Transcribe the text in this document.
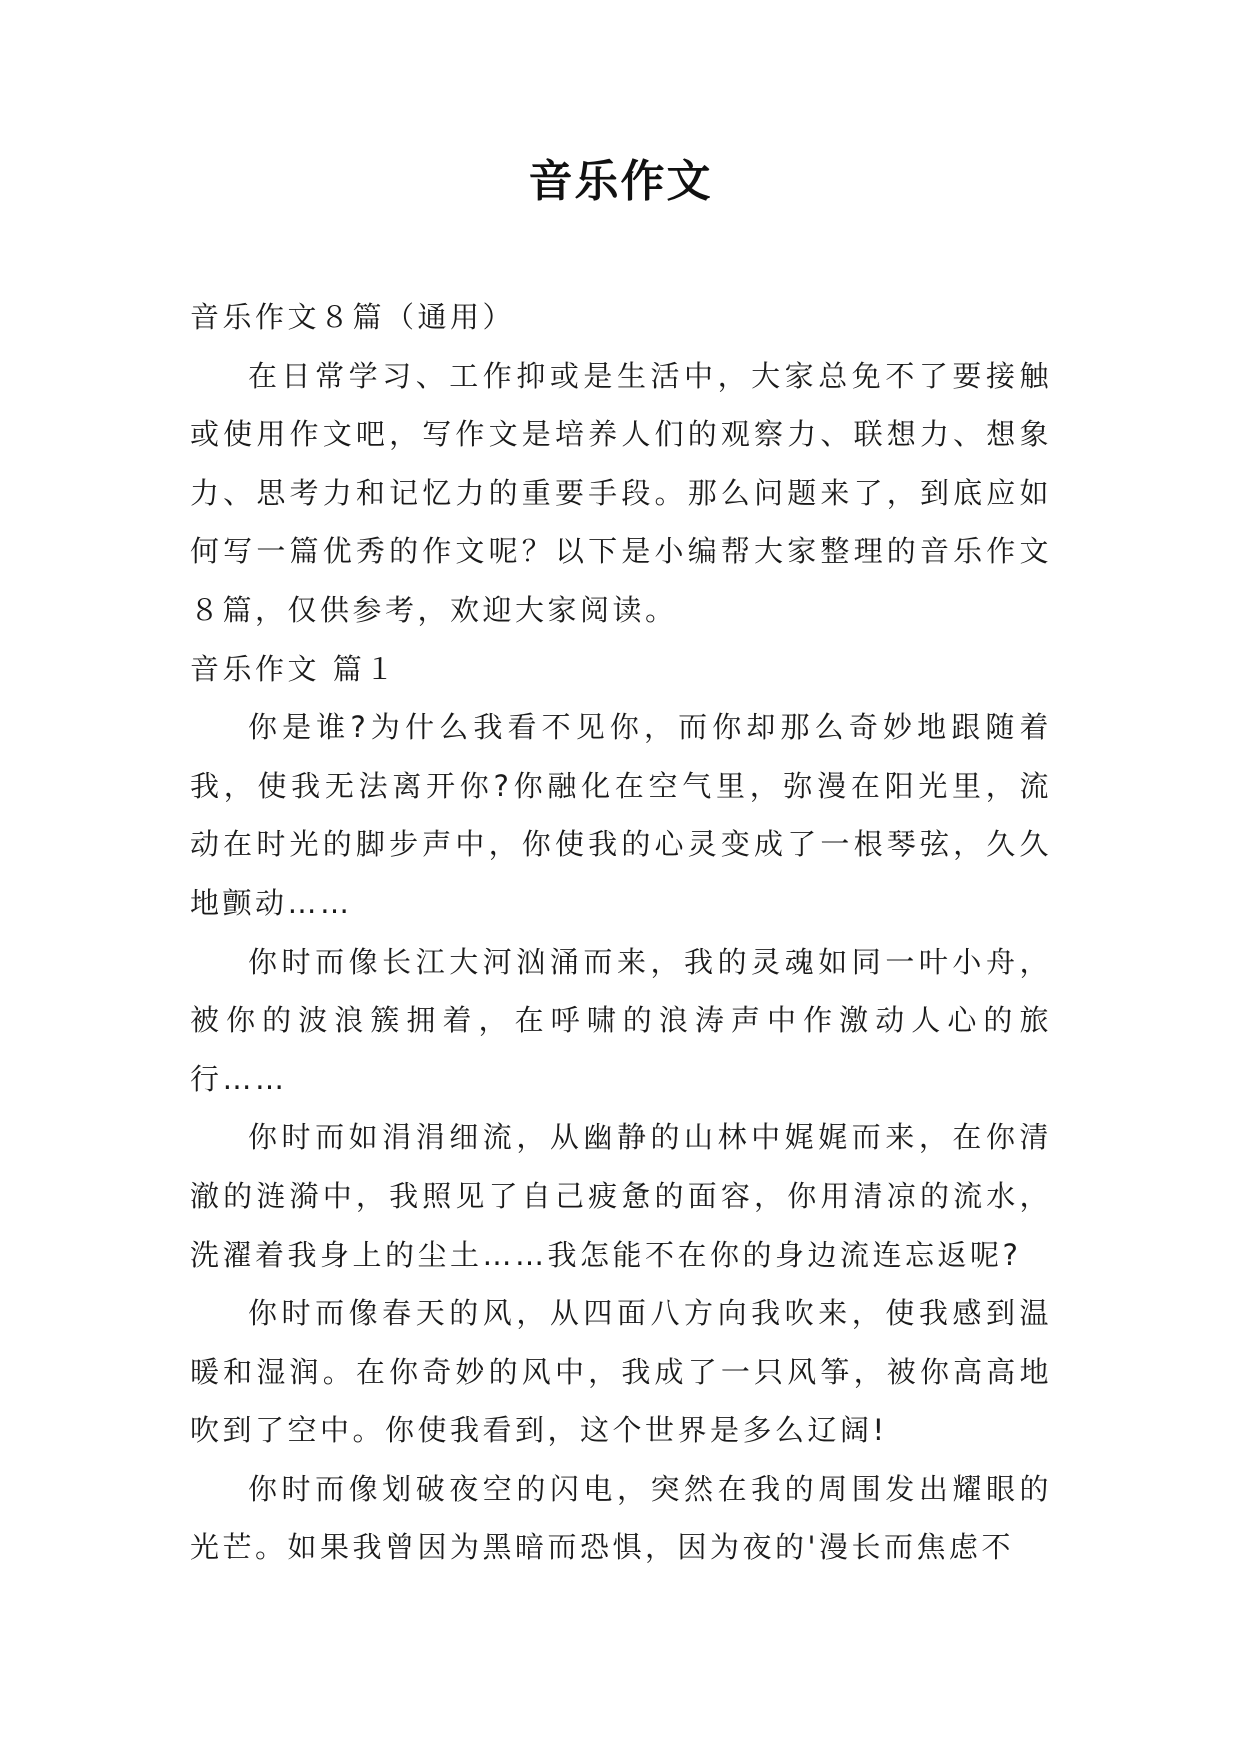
音乐作文

音乐作文８篇（通用）

在日常学习、工作抑或是生活中，大家总免不了要接触或使用作文吧，写作文是培养人们的观察力、联想力、想象力、思考力和记忆力的重要手段。那么问题来了，到底应如何写一篇优秀的作文呢？以下是小编帮大家整理的音乐作文８篇，仅供参考，欢迎大家阅读。

音乐作文 篇１

你是谁?为什么我看不见你，而你却那么奇妙地跟随着我，使我无法离开你?你融化在空气里，弥漫在阳光里，流动在时光的脚步声中，你使我的心灵变成了一根琴弦，久久地颤动……

你时而像长江大河汹涌而来，我的灵魂如同一叶小舟，被你的波浪簇拥着，在呼啸的浪涛声中作激动人心的旅行……

你时而如涓涓细流，从幽静的山林中娓娓而来，在你清澈的涟漪中，我照见了自己疲惫的面容，你用清凉的流水，洗濯着我身上的尘土……我怎能不在你的身边流连忘返呢?

你时而像春天的风，从四面八方向我吹来，使我感到温暖和湿润。在你奇妙的风中，我成了一只风筝，被你高高地吹到了空中。你使我看到，这个世界是多么辽阔!

你时而像划破夜空的闪电，突然在我的周围发出耀眼的光芒。如果我曾因为黑暗而恐惧，因为夜的'漫长而焦虑不
